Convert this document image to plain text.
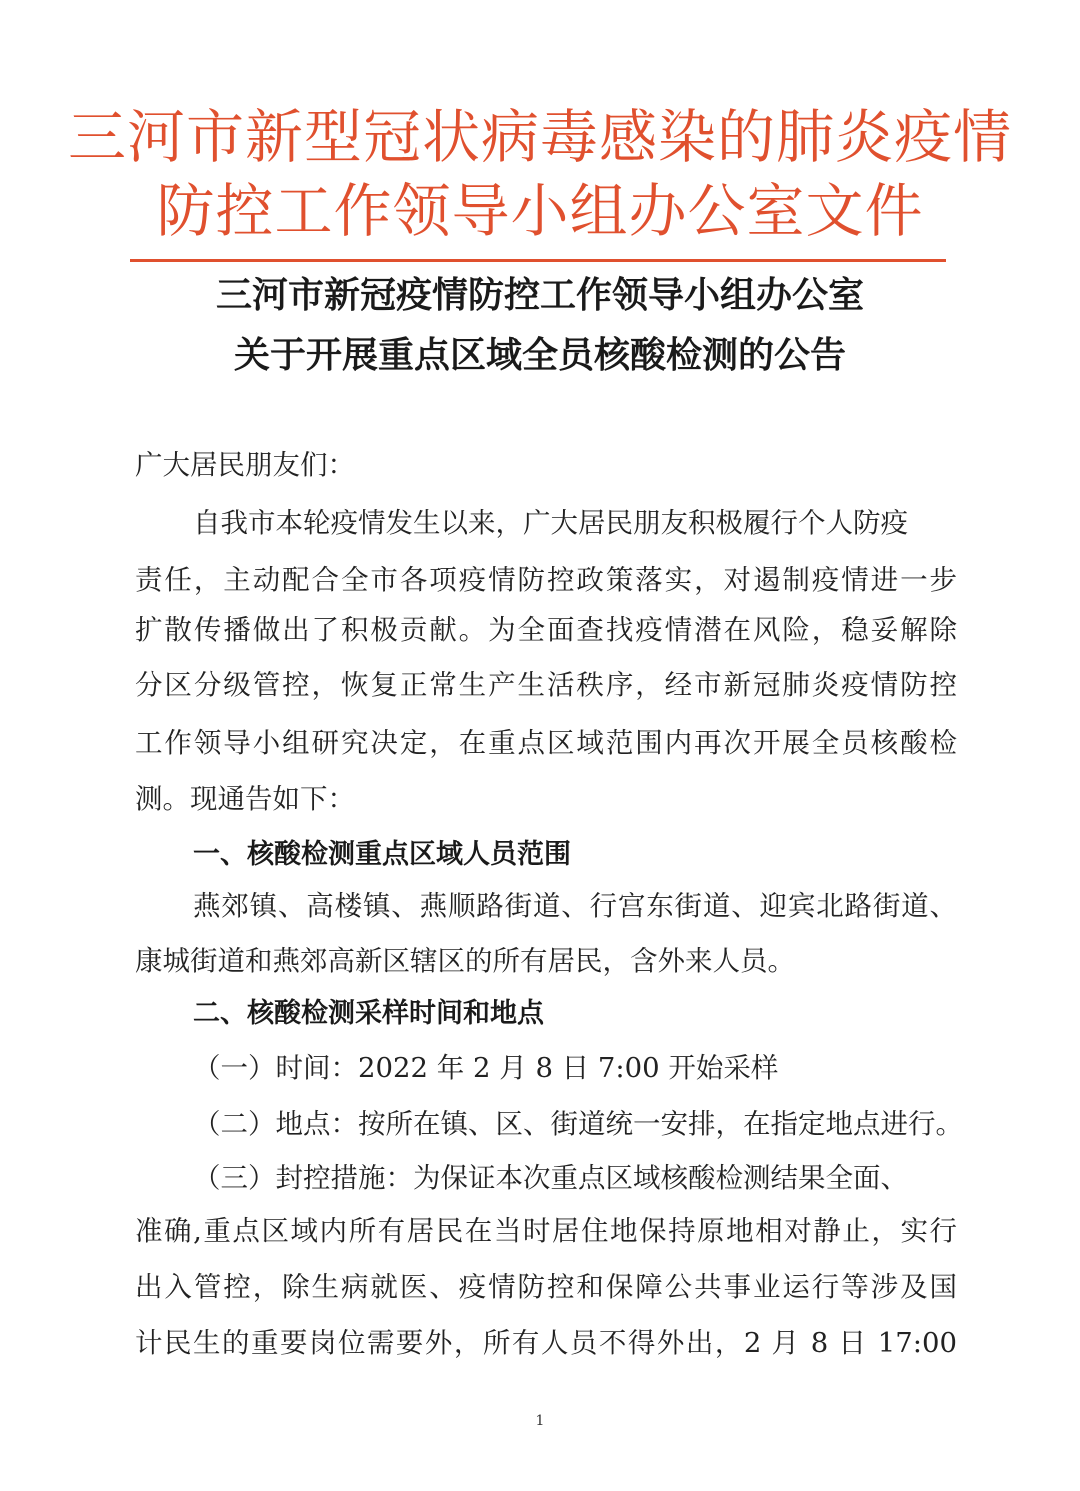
三河市新型冠状病毒感染的肺炎疫情
防控工作领导小组办公室文件
三河市新冠疫情防控工作领导小组办公室
关于开展重点区域全员核酸检测的公告
广大居民朋友们：
自我市本轮疫情发生以来，广大居民朋友积极履行个人防疫
责任，主动配合全市各项疫情防控政策落实，对遏制疫情进一步
扩散传播做出了积极贡献。为全面查找疫情潜在风险，稳妥解除
分区分级管控，恢复正常生产生活秩序，经市新冠肺炎疫情防控
工作领导小组研究决定，在重点区域范围内再次开展全员核酸检
测。现通告如下：
一、核酸检测重点区域人员范围
燕郊镇、高楼镇、燕顺路街道、行宫东街道、迎宾北路街道、
康城街道和燕郊高新区辖区的所有居民，含外来人员。
二、核酸检测采样时间和地点
（一）时间：2022 年 2 月 8 日 7:00 开始采样
（二）地点：按所在镇、区、街道统一安排，在指定地点进行。
（三）封控措施：为保证本次重点区域核酸检测结果全面、
准确,重点区域内所有居民在当时居住地保持原地相对静止，实行
出入管控，除生病就医、疫情防控和保障公共事业运行等涉及国
计民生的重要岗位需要外，所有人员不得外出，2 月 8 日 17:00
1
